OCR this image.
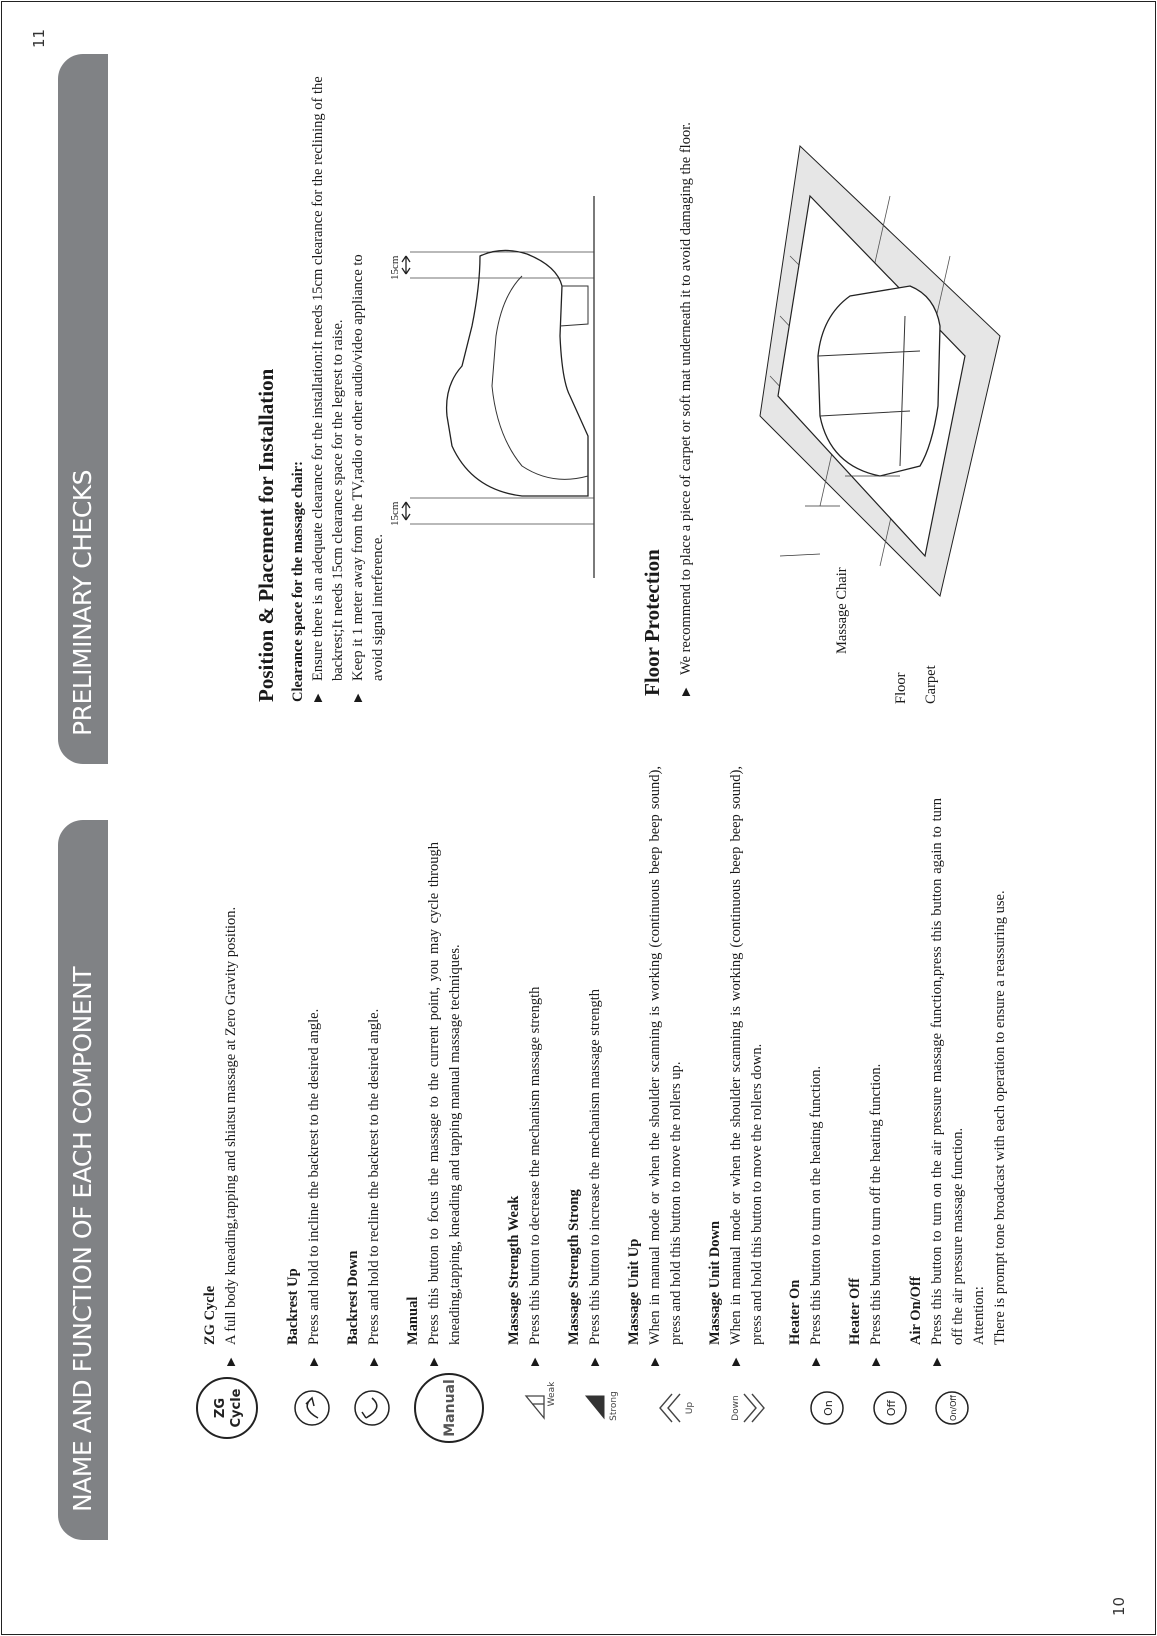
NAME AND FUNCTION OF EACH COMPONENT
10
ZG Cycle	Manual	Weak	Strong	Up	Down	On	Off	On/Off
ZG Cycle ▶ A full body kneading,tapping and shiatsu massage at Zero Gravity position.	Backrest Up ▶ Press and hold to incline the backrest to the desired angle. Backrest Down ▶ Press and hold to recline the backrest to the desired angle. Manual ▶ Press this button to focus the massage to the current point, you may cycle through kneading,tapping, kneading and tapping manual massage techniques.	Massage Strength Weak ▶ Press this button to decrease the mechanism massage strength Massage Strength Strong ▶ Press this button to increase the mechanism massage strength Massage Unit Up ▶ When in manual mode or when the shoulder scanning is working (continuous beep beep sound), press and hold this button to move the rollers up. Massage Unit Down ▶ When in manual mode or when the shoulder scanning is working (continuous beep beep sound), press and hold this button to move the rollers down. Heater On ▶ Press this button to turn on the heating function. Heater Off ▶ Press this button to turn off the heating function. Air On/Off ▶ Press this button to turn on the air pressure massage function,press this button again to turn off the air pressure massage function. Attention: There is prompt tone broadcast with each operation to ensure a reassuring use.
PRELIMINARY CHECKS
11
Position & Placement for Installation Clearance space for the massage chair: ▶ Ensure there is an adequate clearance for the installation:It needs 15cm clearance for the reclining of the backrest;It needs 15cm clearance space for the legrest to raise. ▶ Keep it 1 meter away from the TV,radio or other audio/video appliance to avoid signal interference.
15cm
15cm
Floor Protection ▶ We recommend to place a piece of carpet or soft mat underneath it to avoid damaging the floor.	Massage Chair
Floor Carpet
